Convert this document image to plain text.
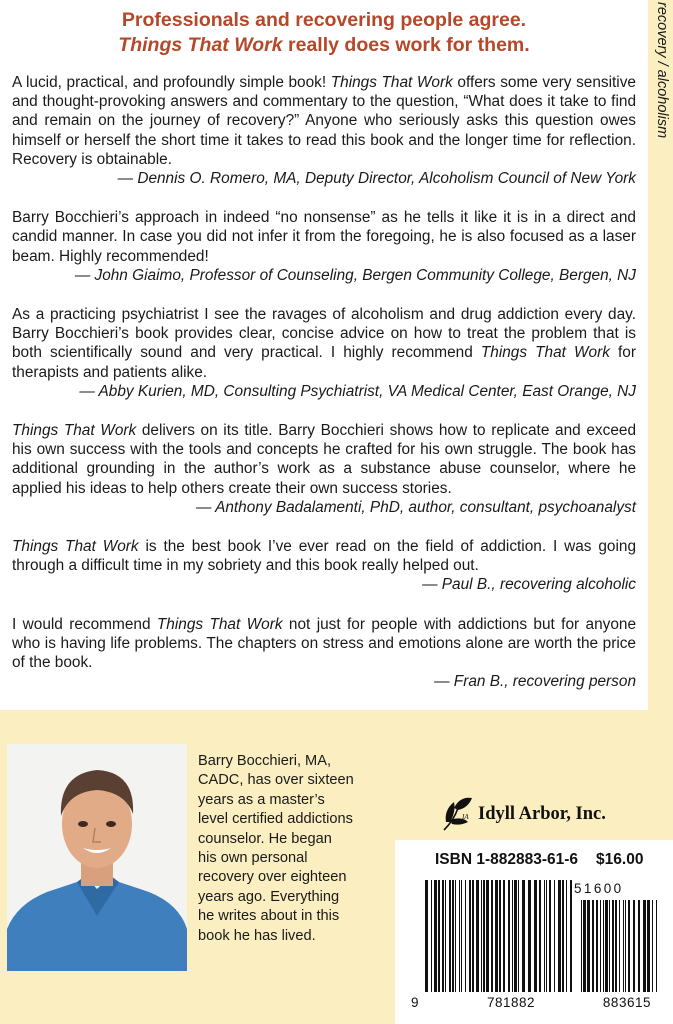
Professionals and recovering people agree.
Things That Work really does work for them.	recovery / alcoholism

A lucid, practical, and profoundly simple book! Things That Work offers some very sensitive and thought-provoking answers and commentary to the question, “What does it take to find and remain on the journey of recovery?” Anyone who seriously asks this question owes himself or herself the short time it takes to read this book and the longer time for reflection. Recovery is obtainable.

— Dennis O. Romero, MA, Deputy Director, Alcoholism Council of New York

Barry Bocchieri’s approach in indeed “no nonsense” as he tells it like it is in a direct and candid manner. In case you did not infer it from the foregoing, he is also focused as a laser beam. Highly recommended!

— John Giaimo, Professor of Counseling, Bergen Community College, Bergen, NJ

As a practicing psychiatrist I see the ravages of alcoholism and drug addiction every day. Barry Bocchieri’s book provides clear, concise advice on how to treat the problem that is both scientifically sound and very practical. I highly recommend Things That Work for therapists and patients alike.

— Abby Kurien, MD, Consulting Psychiatrist, VA Medical Center, East Orange, NJ

Things That Work delivers on its title. Barry Bocchieri shows how to replicate and exceed his own success with the tools and concepts he crafted for his own struggle. The book has additional grounding in the author’s work as a substance abuse counselor, where he applied his ideas to help others create their own success stories.

— Anthony Badalamenti, PhD, author, consultant, psychoanalyst

Things That Work is the best book I’ve ever read on the field of addiction. I was going through a difficult time in my sobriety and this book really helped out.

— Paul B., recovering alcoholic

I would recommend Things That Work not just for people with addictions but for anyone who is having life problems. The chapters on stress and emotions alone are worth the price of the book.

— Fran B., recovering person

Barry Bocchieri, MA,
CADC, has over sixteen
years as a master’s
level certified addictions
counselor. He began
his own personal
recovery over eighteen
years ago. Everything
he writes about in this
book he has lived.
IA Idyll Arbor, Inc.
ISBN 1-882883-61-6 $16.00
51600
9	781882	883615
